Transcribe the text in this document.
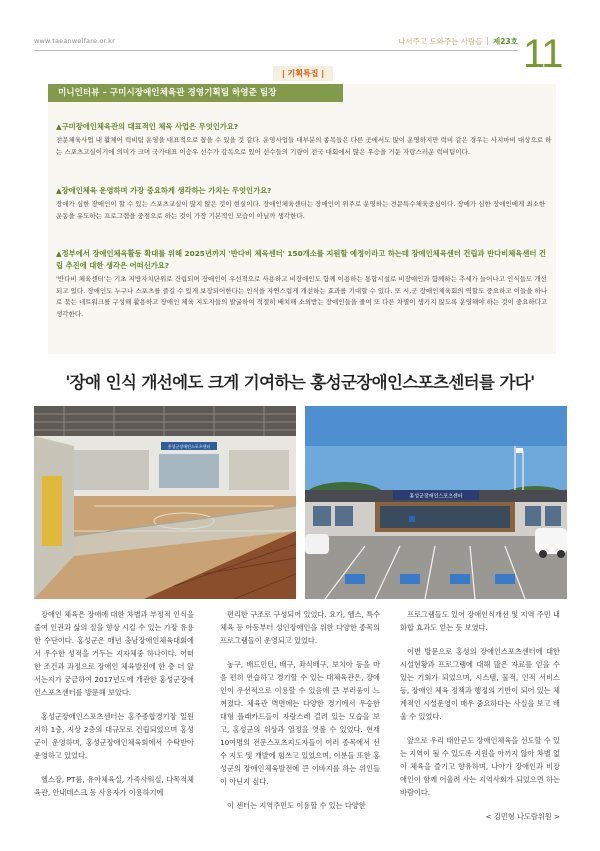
www.taeanwelfare.or.kr	나서주고 도와주는 사람들 | 제23호 11
| 기획특집 |
미니인터뷰 – 구미시장애인체육관 경영기획팀 하영준 팀장
▲구미장애인체육관의 대표적인 체육 사업은 무엇인가요?
전문체육사업 내 활체어 럭비팀 운영을 대표적으로 꼽을 수 있을 것 같다. 운영사업들 대부분의 종목들은 다른 곳에서도 많이 운영하지만 럭비 같은 경우는 사지마비 대상으로 하는 스포츠고실이기에 의미가 크며 국가대표 이승우 선수가 감독으로 있어 선수들의 기량이 전국 대회에서 많은 우승을 거둔 자랑스러운 럭비팀이다.
▲장애인체육 운영하며 가장 중요하게 생각하는 가치는 무엇인가요?
장애가 심한 장애인이 할 수 있는 스포츠교실이 많지 않은 것이 현실이다. 장애인체육센터는 장애인이 위주로 운영하는 전문특수체육중심이다. 장애가 심한 장애인에게 최소한 운동을 유도하는 프로그램을 중점으로 하는 것이 가장 기본적인 모습이 아닐까 생각한다.
▲정부에서 장애인체육활동 확대를 위해 2025년까지 '반다비 체육센터' 150개소를 지원할 예정이라고 하는데 장애인체육센터 건립과 반다비체육센터 건립 추진에 대한 생각은 어떠신가요?
'반다비 체육센터'는 기초 지방자치단위로 건립되며 장애인이 우선적으로 사용하고 비장애인도 함께 이용하는 통합시설로 비장애인과 함께하는 추세가 늘어나고 인식들도 개선되고 있다. 장애인도 누구나 스포츠를 즐길 수 있게 보장되어한다는 인식을 자연스럽게 개선하는 효과를 기대할 수 있다. 또 시,군 장애인체육회의 역할도 중요하고 이들을 하나로 묶는 네트워크를 구성해 활용하고 장애인 체육 지도자들의 발굴하여 적절히 배치해 소외받는 장애인들을 줄여 또 다른 차별이 생기지 않도록 운영해야 하는 것이 중요하다고 생각한다.
'장애 인식 개선에도 크게 기여하는 홍성군장애인스포츠센터를 가다'
홍성군장애인스포츠센터
홍성군장애인스포츠센터

장애인 체육은 장애에 대한 차별과 부정적 인식을 줄여 인권과 삶의 질을 향상 시킬 수 있는 가장 유용한 수단이다. 홍성군은 매년 충남장애인체육대회에서 우수한 성적을 거두는 지자체중 하나이다. 어떠한 조건과 과정으로 장애인 체육발전에 한 층 더 앞서는지가 궁금하여 2017년도에 개관한 홍성군장애인스포츠센터를 방문해 보았다.

홍성군장애인스포츠센터는 홍주종합경기장 일원 지하 1층, 지상 2층의 대규모로 건립되었으며 홍성군이 운영하며, 홍성군장애인체육회에서 수탁받아 운영하고 있었다.

헬스장, PT룸, 유아체육실, 가족사워실, 다목적체육관, 안내데스크 등 사용자가 이용하기에

편리한 구조로 구성되어 있었다. 요가, 헬스, 특수체육 등 아동부터 성인장애인을 위한 다양한 종목의 프로그램들이 운영되고 있었다.

농구, 배드민턴, 배구, 좌식배구, 보치아 등을 마음 편히 연습하고 경기할 수 있는 대체육관은, 장애인이 우선적으로 이용할 수 있음에 큰 부러움이 느껴졌다. 체육관 벽면에는 다양한 경기에서 우승한 대형 플래카드들이 자랑스레 걸려 있는 모습을 보고, 홍성군의 위상과 열정을 엿볼 수 있었다. 현재 10여명의 전문스포츠지도자들이 여러 종목에서 선수 지도 및 개발에 힘쓰고 있었으며, 이분들 또한 홍성군의 장애인체육발전에 큰 이바지를 하는 위인들이 아닌지 싶다.

이 센터는 지역주민도 이용할 수 있는 다양한

프로그램들도 있어 장애인식개선 및 지역 주민 내 화합 효과도 얻는 듯 보였다.

이번 방문으로 홍성의 장애인스포츠센터에 대한 시설현황과 프로그램에 대해 많은 자료를 얻을 수 있는 기회가 되었으며, 시스템, 물적, 인적 서비스 등, 장애인 체육 정책과 행정의 기반이 되어 있는 체계적인 시설운영이 매우 중요하다는 사실을 보고 배울 수 있었다.

앞으로 우리 태안군도 장애인체육을 선도할 수 있는 지역이 될 수 있도록 지원을 아끼지 않아 차별 없이 체육을 즐기고 향유하며, 나아가 장애인과 비장애인이 함께 어울려 사는 지역사회가 되었으면 하는 바람이다.

< 김민형 나도람위원 >
